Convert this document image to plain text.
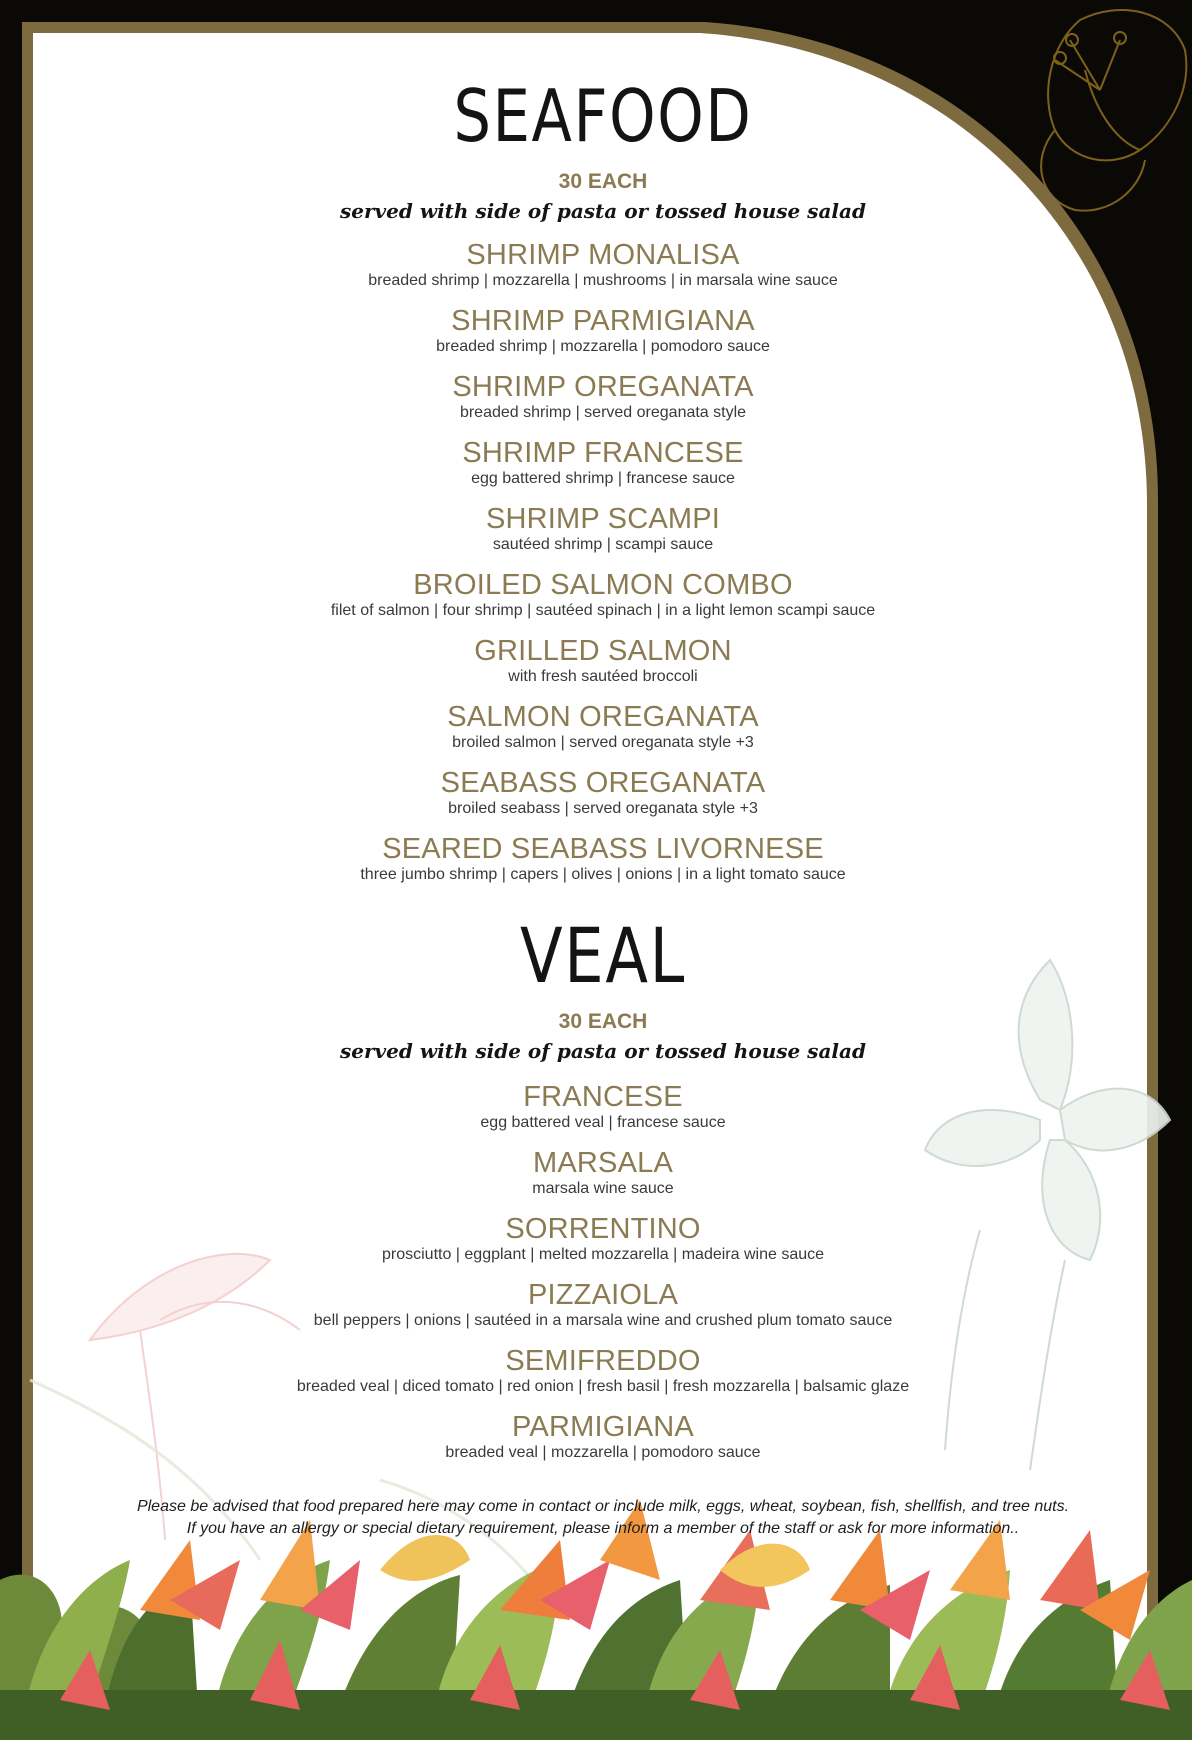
SEAFOOD
30 EACH
served with side of pasta or tossed house salad
SHRIMP MONALISA
breaded shrimp | mozzarella | mushrooms | in marsala wine sauce
SHRIMP PARMIGIANA
breaded shrimp | mozzarella | pomodoro sauce
SHRIMP OREGANATA
breaded shrimp | served oreganata style
SHRIMP FRANCESE
egg battered shrimp | francese sauce
SHRIMP SCAMPI
sautéed shrimp | scampi sauce
BROILED SALMON COMBO
filet of salmon | four shrimp | sautéed spinach | in a light lemon scampi sauce
GRILLED SALMON
with fresh sautéed broccoli
SALMON OREGANATA
broiled salmon | served oreganata style +3
SEABASS OREGANATA
broiled seabass | served oreganata style +3
SEARED SEABASS LIVORNESE
three jumbo shrimp | capers | olives | onions | in a light tomato sauce
VEAL
30 EACH
served with side of pasta or tossed house salad
FRANCESE
egg battered veal | francese sauce
MARSALA
marsala wine sauce
SORRENTINO
prosciutto | eggplant | melted mozzarella | madeira wine sauce
PIZZAIOLA
bell peppers | onions | sautéed in a marsala wine and crushed plum tomato sauce
SEMIFREDDO
breaded veal | diced tomato | red onion | fresh basil | fresh mozzarella | balsamic glaze
PARMIGIANA
breaded veal | mozzarella | pomodoro sauce
Please be advised that food prepared here may come in contact or include milk, eggs, wheat, soybean, fish, shellfish, and tree nuts.
If you have an allergy or special dietary requirement, please inform a member of the staff or ask for more information..
